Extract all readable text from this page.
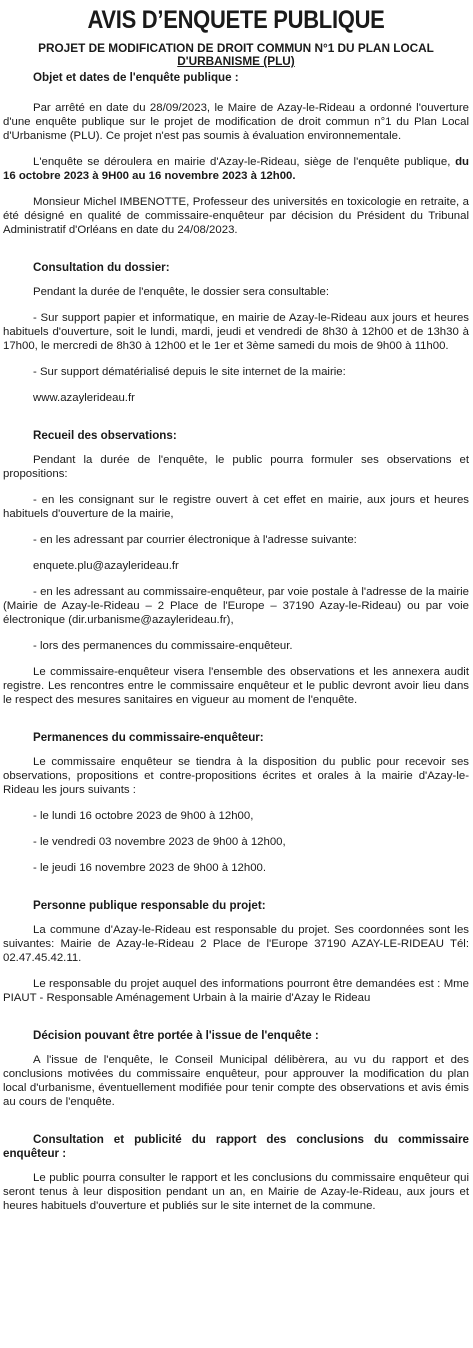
AVIS D’ENQUETE PUBLIQUE
PROJET DE MODIFICATION DE DROIT COMMUN N°1 DU PLAN LOCAL
D'URBANISME (PLU)
Objet et dates de l'enquête publique :

Par arrêté en date du 28/09/2023, le Maire de Azay-le-Rideau a ordonné l'ouverture d'une enquête publique sur le projet de modification de droit commun n°1 du Plan Local d'Urbanisme (PLU). Ce projet n'est pas soumis à évaluation environnementale.

L'enquête se déroulera en mairie d'Azay-le-Rideau, siège de l'enquête publique, du 16 octobre 2023 à 9H00 au 16 novembre 2023 à 12h00.

Monsieur Michel IMBENOTTE, Professeur des universités en toxicologie en retraite, a été désigné en qualité de commissaire-enquêteur par décision du Président du Tribunal Administratif d'Orléans en date du 24/08/2023.

Consultation du dossier:

Pendant la durée de l'enquête, le dossier sera consultable:

- Sur support papier et informatique, en mairie de Azay-le-Rideau aux jours et heures habituels d'ouverture, soit le lundi, mardi, jeudi et vendredi de 8h30 à 12h00 et de 13h30 à 17h00, le mercredi de 8h30 à 12h00 et le 1er et 3ème samedi du mois de 9h00 à 11h00.

- Sur support dématérialisé depuis le site internet de la mairie:

www.azaylerideau.fr

Recueil des observations:

Pendant la durée de l'enquête, le public pourra formuler ses observations et propositions:

- en les consignant sur le registre ouvert à cet effet en mairie, aux jours et heures habituels d'ouverture de la mairie,

- en les adressant par courrier électronique à l'adresse suivante:

enquete.plu@azaylerideau.fr

- en les adressant au commissaire-enquêteur, par voie postale à l'adresse de la mairie (Mairie de Azay-le-Rideau – 2 Place de l'Europe – 37190 Azay-le-Rideau) ou par voie électronique (dir.urbanisme@azaylerideau.fr),

- lors des permanences du commissaire-enquêteur.

Le commissaire-enquêteur visera l'ensemble des observations et les annexera audit registre. Les rencontres entre le commissaire enquêteur et le public devront avoir lieu dans le respect des mesures sanitaires en vigueur au moment de l'enquête.

Permanences du commissaire-enquêteur:

Le commissaire enquêteur se tiendra à la disposition du public pour recevoir ses observations, propositions et contre-propositions écrites et orales à la mairie d'Azay-le-Rideau les jours suivants :

- le lundi 16 octobre 2023 de 9h00 à 12h00,

- le vendredi 03 novembre 2023 de 9h00 à 12h00,

- le jeudi 16 novembre 2023 de 9h00 à 12h00.

Personne publique responsable du projet:

La commune d'Azay-le-Rideau est responsable du projet. Ses coordonnées sont les suivantes: Mairie de Azay-le-Rideau 2 Place de l'Europe 37190 AZAY-LE-RIDEAU Tél: 02.47.45.42.11.

Le responsable du projet auquel des informations pourront être demandées est : Mme PIAUT - Responsable Aménagement Urbain à la mairie d'Azay le Rideau

Décision pouvant être portée à l'issue de l'enquête :

A l'issue de l'enquête, le Conseil Municipal délibèrera, au vu du rapport et des conclusions motivées du commissaire enquêteur, pour approuver la modification du plan local d'urbanisme, éventuellement modifiée pour tenir compte des observations et avis émis au cours de l'enquête.

Consultation et publicité du rapport des conclusions du commissaire enquêteur :

Le public pourra consulter le rapport et les conclusions du commissaire enquêteur qui seront tenus à leur disposition pendant un an, en Mairie de Azay-le-Rideau, aux jours et heures habituels d'ouverture et publiés sur le site internet de la commune.
